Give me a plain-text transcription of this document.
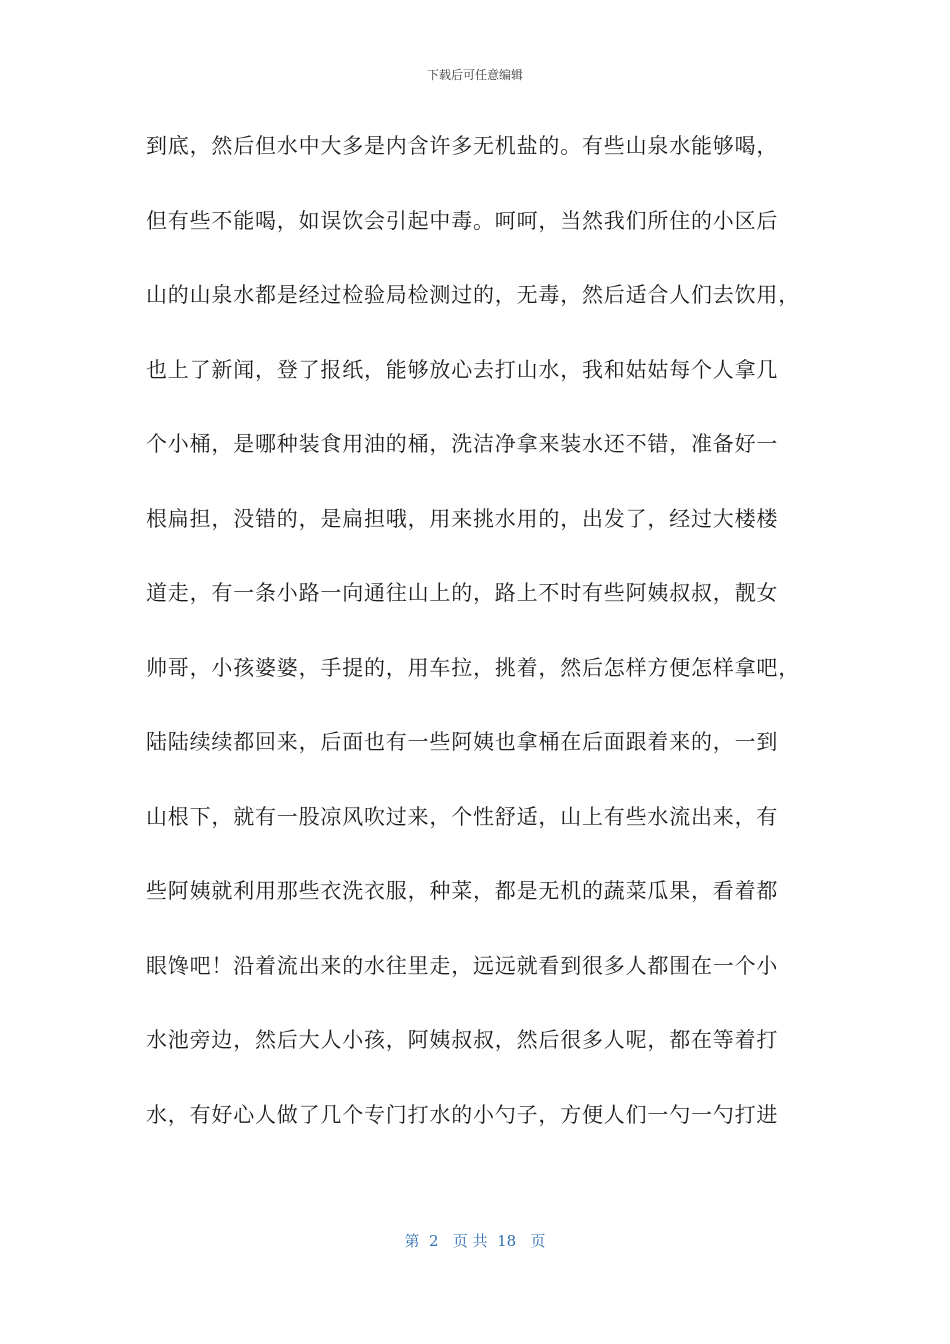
下载后可任意编辑
到底，然后但水中大多是内含许多无机盐的。有些山泉水能够喝，
但有些不能喝，如误饮会引起中毒。呵呵，当然我们所住的小区后
山的山泉水都是经过检验局检测过的，无毒，然后适合人们去饮用，
也上了新闻，登了报纸，能够放心去打山水，我和姑姑每个人拿几
个小桶，是哪种装食用油的桶，洗洁净拿来装水还不错，准备好一
根扁担，没错的，是扁担哦，用来挑水用的，出发了，经过大楼楼
道走，有一条小路一向通往山上的，路上不时有些阿姨叔叔，靓女
帅哥，小孩婆婆，手提的，用车拉，挑着，然后怎样方便怎样拿吧，
陆陆续续都回来，后面也有一些阿姨也拿桶在后面跟着来的，一到
山根下，就有一股凉风吹过来，个性舒适，山上有些水流出来，有
些阿姨就利用那些衣洗衣服，种菜，都是无机的蔬菜瓜果，看着都
眼馋吧！沿着流出来的水往里走，远远就看到很多人都围在一个小
水池旁边，然后大人小孩，阿姨叔叔，然后很多人呢，都在等着打
水，有好心人做了几个专门打水的小勺子，方便人们一勺一勺打进
第  2   页 共  18   页
